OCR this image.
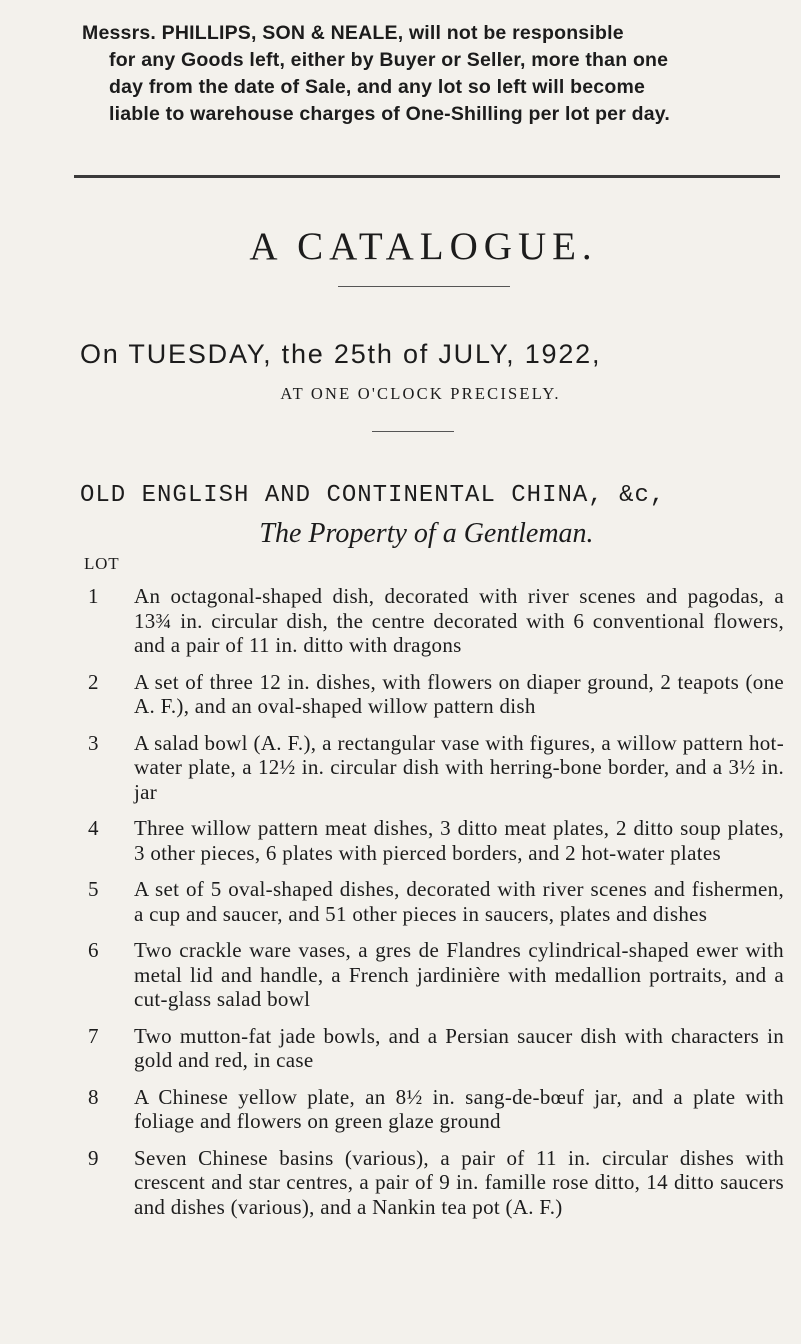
Messrs. PHILLIPS, SON & NEALE, will not be responsible
for any Goods left, either by Buyer or Seller, more than one
day from the date of Sale, and any lot so left will become
liable to warehouse charges of One-Shilling per lot per day.
A CATALOGUE.
On TUESDAY, the 25th of JULY, 1922,
AT ONE O'CLOCK PRECISELY.
OLD ENGLISH AND CONTINENTAL CHINA, &c,
The Property of a Gentleman.
LOT
1	An octagonal-shaped dish, decorated with river scenes and pagodas, a 13¾ in. circular dish, the centre decorated with 6 conventional flowers, and a pair of 11 in. ditto with dragons
2	A set of three 12 in. dishes, with flowers on diaper ground, 2 teapots (one A. F.), and an oval-shaped willow pattern dish
3	A salad bowl (A. F.), a rectangular vase with figures, a willow pattern hot-water plate, a 12½ in. circular dish with herring-bone border, and a 3½ in. jar
4	Three willow pattern meat dishes, 3 ditto meat plates, 2 ditto soup plates, 3 other pieces, 6 plates with pierced borders, and 2 hot-water plates
5	A set of 5 oval-shaped dishes, decorated with river scenes and fishermen, a cup and saucer, and 51 other pieces in saucers, plates and dishes
6	Two crackle ware vases, a gres de Flandres cylindrical-shaped ewer with metal lid and handle, a French jardinière with medallion portraits, and a cut-glass salad bowl
7	Two mutton-fat jade bowls, and a Persian saucer dish with characters in gold and red, in case
8	A Chinese yellow plate, an 8½ in. sang-de-bœuf jar, and a plate with foliage and flowers on green glaze ground
9	Seven Chinese basins (various), a pair of 11 in. circular dishes with crescent and star centres, a pair of 9 in. famille rose ditto, 14 ditto saucers and dishes (various), and a Nankin tea pot (A. F.)
